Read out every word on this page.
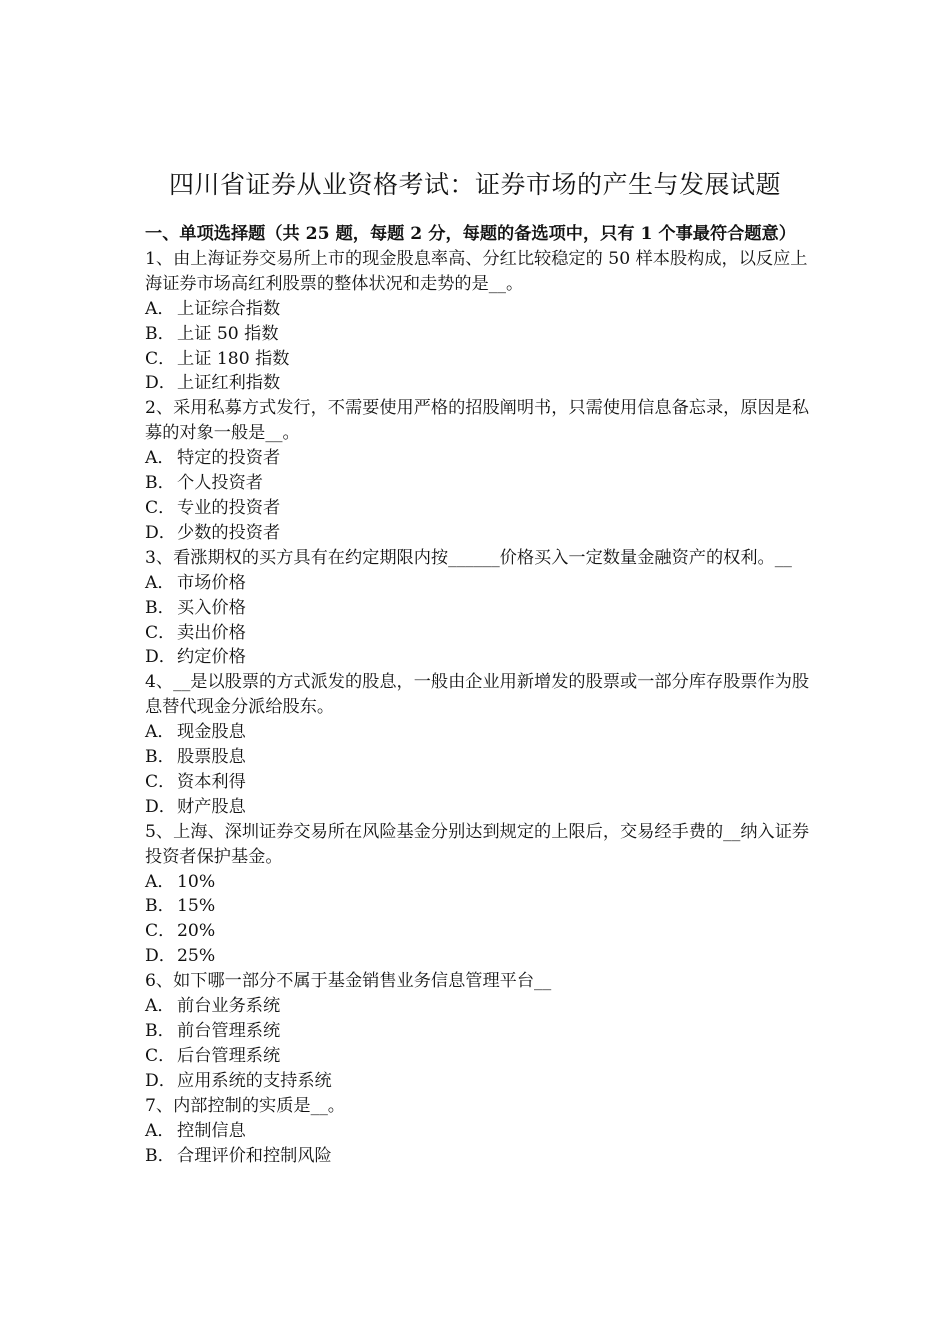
四川省证券从业资格考试：证券市场的产生与发展试题

一、单项选择题（共 25 题，每题 2 分，每题的备选项中，只有 1 个事最符合题意）

1、由上海证券交易所上市的现金股息率高、分红比较稳定的 50 样本股构成，以反应上海证券市场高红利股票的整体状况和走势的是__。

A． 上证综合指数

B． 上证 50 指数

C．上证 180 指数

D．上证红利指数

2、采用私募方式发行，不需要使用严格的招股阐明书，只需使用信息备忘录，原因是私募的对象一般是__。

A． 特定的投资者

B． 个人投资者

C．专业的投资者

D．少数的投资者

3、看涨期权的买方具有在约定期限内按______价格买入一定数量金融资产的权利。__

A． 市场价格

B． 买入价格

C．卖出价格

D．约定价格

4、__是以股票的方式派发的股息，一般由企业用新增发的股票或一部分库存股票作为股息替代现金分派给股东。

A． 现金股息

B． 股票股息

C．资本利得

D．财产股息

5、上海、深圳证券交易所在风险基金分别达到规定的上限后，交易经手费的__纳入证券投资者保护基金。

A． 10%

B． 15%

C．20%

D．25%

6、如下哪一部分不属于基金销售业务信息管理平台__

A． 前台业务系统

B． 前台管理系统

C．后台管理系统

D．应用系统的支持系统

7、内部控制的实质是__。

A． 控制信息

B． 合理评价和控制风险
